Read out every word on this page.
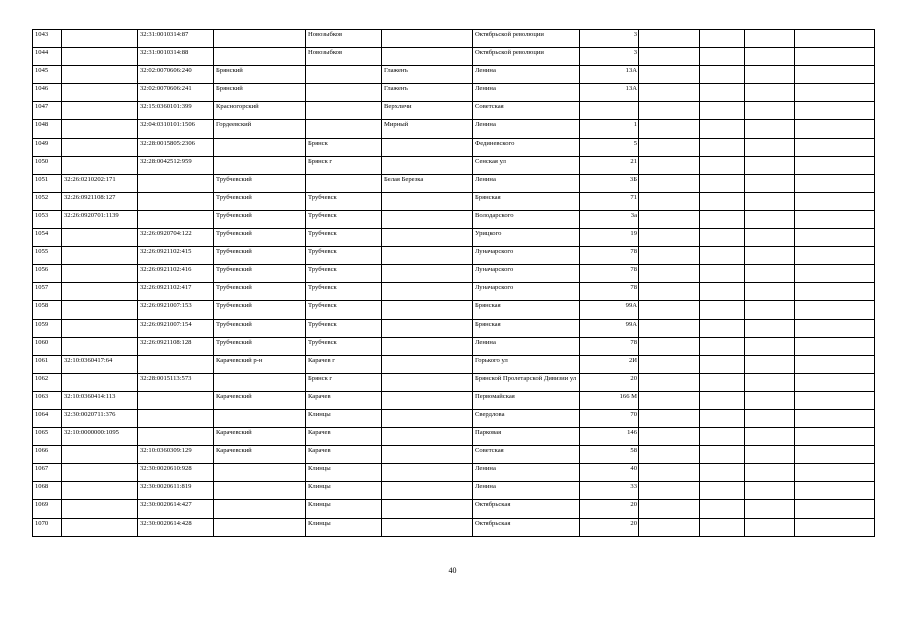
1043		32:31:0010314:87		Новозыбков		Октябрьской революции	3				
1044		32:31:0010314:88		Новозыбков		Октябрьской революции	3				
1045		32:02:0070606:240	Брянский		Глаженъ	Ленина	13А				
1046		32:02:0070606:241	Брянский		Глаженъ	Ленина	13А				
1047		32:15:0360101:399	Красногорский		Верхличи	Советская					
1048		32:04:0310101:1506	Гордеевский		Мирный	Ленина	1				
1049		32:28:0015805:2306		Брянск		Фединевского	5				
1050		32:28:0042512:959		Брянск г		Сенская ул	21				
1051	32:26:0210202:171		Трубчевский		Белая Березка	Ленина	3Б				
1052	32:26:0921108:127		Трубчевский	Трубчевск		Брянская	71				
1053	32:26:0920701:1139		Трубчевский	Трубчевск		Володарского	3а				
1054		32:26:0920704:122	Трубчевский	Трубчевск		Урицкого	19				
1055		32:26:0921102:415	Трубчевский	Трубчевск		Луначарского	78				
1056		32:26:0921102:416	Трубчевский	Трубчевск		Луначарского	78				
1057		32:26:0921102:417	Трубчевский	Трубчевск		Луначарского	78				
1058		32:26:0921007:153	Трубчевский	Трубчевск		Брянская	99А				
1059		32:26:0921007:154	Трубчевский	Трубчевск		Брянская	99А				
1060		32:26:0921108:128	Трубчевский	Трубчевск		Ленина	78				
1061	32:10:0360417:64		Карачевский р-н	Карачев г		Горького ул	2И				
1062		32:28:0015113:573		Брянск г		Брянской Пролетарской Дивизии ул	20				
1063	32:10:0360414:113		Карачевский	Карачев		Первомайская	166 М				
1064	32:30:0020711:376			Клинцы		Свердлова	70				
1065	32:10:0000000:1095		Карачевский	Карачев		Парковая	146				
1066		32:10:0360309:129	Карачевский	Карачев		Советская	58				
1067		32:30:0020610:928		Клинцы		Ленина	40				
1068		32:30:0020611:819		Клинцы		Ленина	33				
1069		32:30:0020614:427		Клинцы		Октябрьская	20				
1070		32:30:0020614:428		Клинцы		Октябрьская	20				
40
